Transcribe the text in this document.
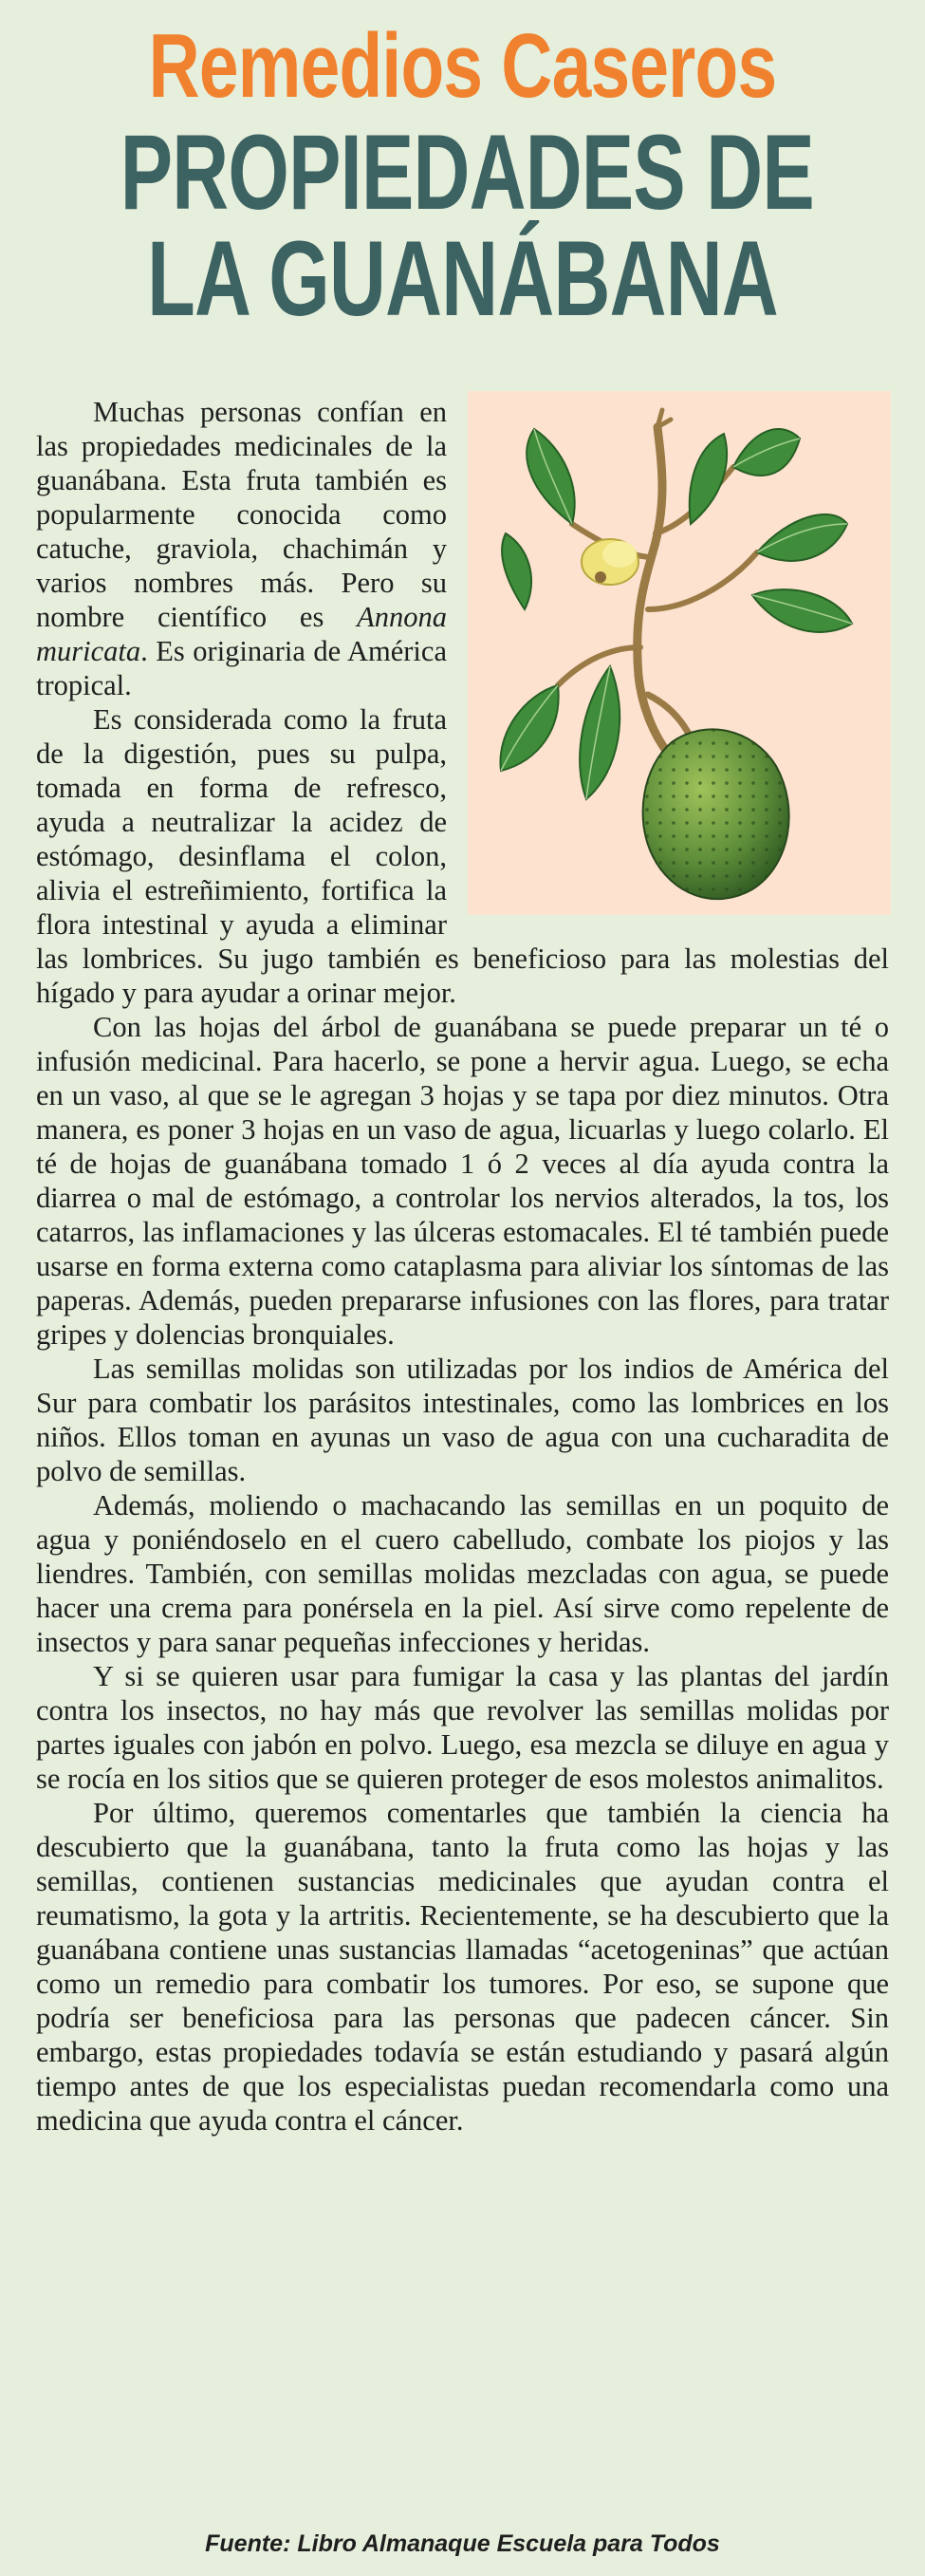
Remedios Caseros
PROPIEDADES DE
LA GUANÁBANA

Muchas personas confían en las propiedades medicinales de la guanábana. Esta fruta también es popularmente conocida como catuche, graviola, chachimán y varios nombres más. Pero su nombre científico es Annona muricata. Es originaria de América tropical.

Es considerada como la fruta de la digestión, pues su pulpa, tomada en forma de refresco, ayuda a neutralizar la acidez de estómago, desinflama el colon, alivia el estreñimiento, fortifica la flora intestinal y ayuda a eliminar las lombrices. Su jugo también es beneficioso para las molestias del hígado y para ayudar a orinar mejor.

Con las hojas del árbol de guanábana se puede preparar un té o infusión medicinal. Para hacerlo, se pone a hervir agua. Luego, se echa en un vaso, al que se le agregan 3 hojas y se tapa por diez minutos. Otra manera, es poner 3 hojas en un vaso de agua, licuarlas y luego colarlo. El té de hojas de guanábana tomado 1 ó 2 veces al día ayuda contra la diarrea o mal de estómago, a controlar los nervios alterados, la tos, los catarros, las inflamaciones y las úlceras estomacales. El té también puede usarse en forma externa como cataplasma para aliviar los síntomas de las paperas. Además, pueden prepararse infusiones con las flores, para tratar gripes y dolencias bronquiales.

Las semillas molidas son utilizadas por los indios de América del Sur para combatir los parásitos intestinales, como las lombrices en los niños. Ellos toman en ayunas un vaso de agua con una cucharadita de polvo de semillas.

Además, moliendo o machacando las semillas en un poquito de agua y poniéndoselo en el cuero cabelludo, combate los piojos y las liendres. También, con semillas molidas mezcladas con agua, se puede hacer una crema para ponérsela en la piel. Así sirve como repelente de insectos y para sanar pequeñas infecciones y heridas.

Y si se quieren usar para fumigar la casa y las plantas del jardín contra los insectos, no hay más que revolver las semillas molidas por partes iguales con jabón en polvo. Luego, esa mezcla se diluye en agua y se rocía en los sitios que se quieren proteger de esos molestos animalitos.

Por último, queremos comentarles que también la ciencia ha descubierto que la guanábana, tanto la fruta como las hojas y las semillas, contienen sustancias medicinales que ayudan contra el reumatismo, la gota y la artritis. Recientemente, se ha descubierto que la guanábana contiene unas sustancias llamadas “acetogeninas” que actúan como un remedio para combatir los tumores. Por eso, se supone que podría ser beneficiosa para las personas que padecen cáncer. Sin embargo, estas propiedades todavía se están estudiando y pasará algún tiempo antes de que los especialistas puedan recomendarla como una medicina que ayuda contra el cáncer.

Fuente: Libro Almanaque Escuela para Todos
